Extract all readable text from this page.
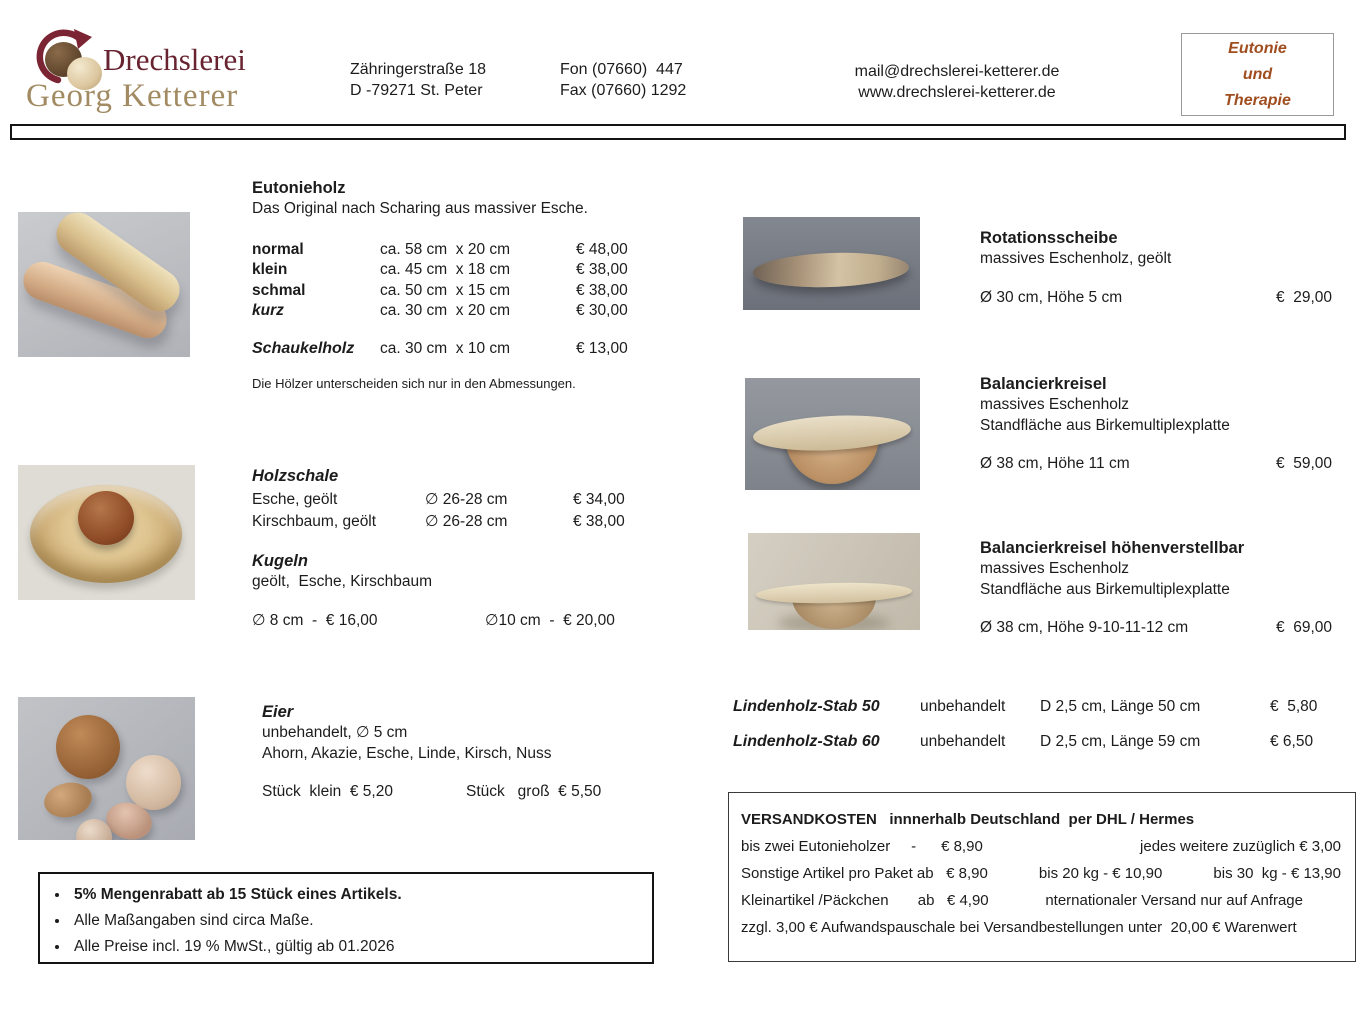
Drechslerei
Georg Ketterer
Zähringerstraße 18
D -79271 St. Peter
Fon (07660)  447
Fax (07660) 1292
mail@drechslerei-ketterer.de
www.drechslerei-ketterer.de
Eutonie
und
Therapie
Eutonieholz
Das Original nach Scharing aus massiver Esche.
normal	ca. 58 cm  x 20 cm	€ 48,00
klein	ca. 45 cm  x 18 cm	€ 38,00
schmal	ca. 50 cm  x 15 cm	€ 38,00
kurz	ca. 30 cm  x 20 cm	€ 30,00
Schaukelholz	ca. 30 cm  x 10 cm	€ 13,00
Die Hölzer unterscheiden sich nur in den Abmessungen.
Holzschale
Esche, geölt	∅ 26-28 cm	€ 34,00
Kirschbaum, geölt	∅ 26-28 cm	€ 38,00
Kugeln
geölt,  Esche, Kirschbaum
∅ 8 cm  -  € 16,00	∅10 cm  -  € 20,00
Eier
unbehandelt, ∅ 5 cm
Ahorn, Akazie, Esche, Linde, Kirsch, Nuss
Stück  klein  € 5,20	Stück   groß  € 5,50
• 5% Mengenrabatt ab 15 Stück eines Artikels.
• Alle Maßangaben sind circa Maße.
• Alle Preise incl. 19 % MwSt., gültig ab 01.2026
Rotationsscheibe
massives Eschenholz, geölt
Ø 30 cm, Höhe 5 cm	€  29,00
Balancierkreisel
massives Eschenholz
Standfläche aus Birkemultiplexplatte
Ø 38 cm, Höhe 11 cm	€  59,00
Balancierkreisel höhenverstellbar
massives Eschenholz
Standfläche aus Birkemultiplexplatte
Ø 38 cm, Höhe 9-10-11-12 cm	€  69,00
Lindenholz-Stab 50	unbehandelt	D 2,5 cm, Länge 50 cm	€  5,80
Lindenholz-Stab 60	unbehandelt	D 2,5 cm, Länge 59 cm	€ 6,50
VERSANDKOSTEN   innnerhalb Deutschland  per DHL / Hermes
bis zwei Eutonieholzer     -      € 8,90	jedes weitere zuzüglich € 3,00
Sonstige Artikel pro Paket ab   € 8,90	bis 20 kg - € 10,90	bis 30  kg - € 13,90
Kleinartikel /Päckchen       ab   € 4,90	nternationaler Versand nur auf Anfrage
zzgl. 3,00 € Aufwandspauschale bei Versandbestellungen unter  20,00 € Warenwert
